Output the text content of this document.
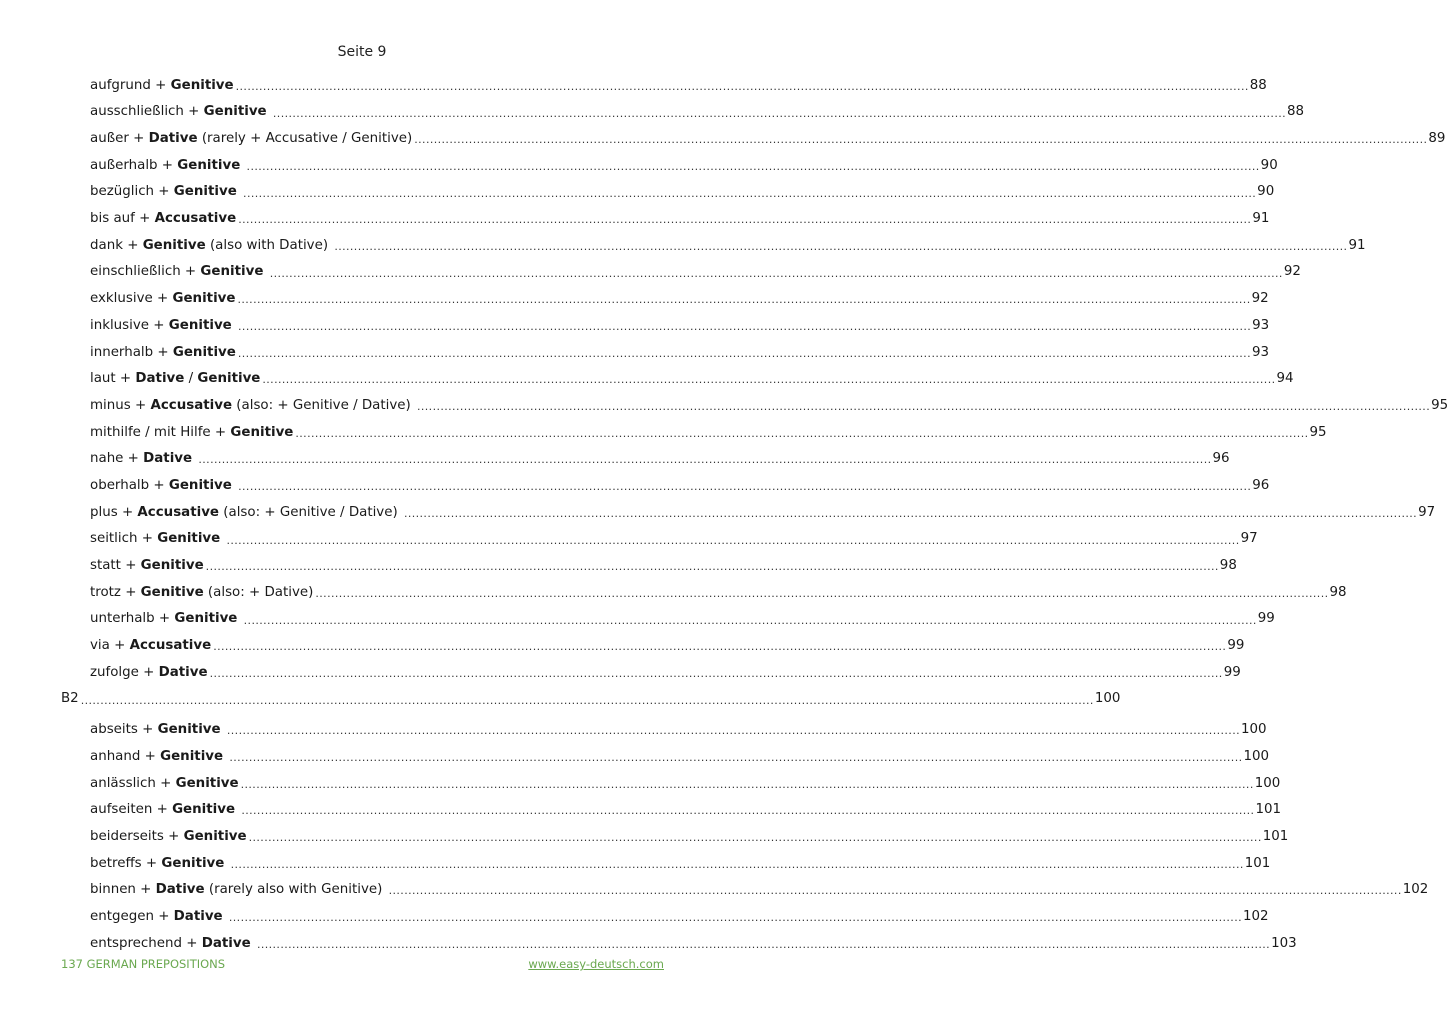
Seite 9
aufgrund + Genitive .................................................................................................................................................................................................................................................................... 88
ausschließlich + Genitive .................................................................................................................................................................................................................................................................... 88
außer + Dative (rarely + Accusative / Genitive) .................................................................................................................................................................................................................................................................... 89
außerhalb + Genitive .................................................................................................................................................................................................................................................................... 90
bezüglich + Genitive .................................................................................................................................................................................................................................................................... 90
bis auf + Accusative .................................................................................................................................................................................................................................................................... 91
dank + Genitive (also with Dative) .................................................................................................................................................................................................................................................................... 91
einschließlich + Genitive .................................................................................................................................................................................................................................................................... 92
exklusive + Genitive .................................................................................................................................................................................................................................................................... 92
inklusive + Genitive .................................................................................................................................................................................................................................................................... 93
innerhalb + Genitive .................................................................................................................................................................................................................................................................... 93
laut + Dative / Genitive .................................................................................................................................................................................................................................................................... 94
minus + Accusative (also: + Genitive / Dative) .................................................................................................................................................................................................................................................................... 95
mithilfe / mit Hilfe + Genitive .................................................................................................................................................................................................................................................................... 95
nahe + Dative .................................................................................................................................................................................................................................................................... 96
oberhalb + Genitive .................................................................................................................................................................................................................................................................... 96
plus + Accusative (also: + Genitive / Dative) .................................................................................................................................................................................................................................................................... 97
seitlich + Genitive .................................................................................................................................................................................................................................................................... 97
statt + Genitive .................................................................................................................................................................................................................................................................... 98
trotz + Genitive (also: + Dative) .................................................................................................................................................................................................................................................................... 98
unterhalb + Genitive .................................................................................................................................................................................................................................................................... 99
via + Accusative .................................................................................................................................................................................................................................................................... 99
zufolge + Dative .................................................................................................................................................................................................................................................................... 99
B2 .................................................................................................................................................................................................................................................................... 100
abseits + Genitive .................................................................................................................................................................................................................................................................... 100
anhand + Genitive .................................................................................................................................................................................................................................................................... 100
anlässlich + Genitive .................................................................................................................................................................................................................................................................... 100
aufseiten + Genitive .................................................................................................................................................................................................................................................................... 101
beiderseits + Genitive .................................................................................................................................................................................................................................................................... 101
betreffs + Genitive .................................................................................................................................................................................................................................................................... 101
binnen + Dative (rarely also with Genitive) .................................................................................................................................................................................................................................................................... 102
entgegen + Dative .................................................................................................................................................................................................................................................................... 102
entsprechend + Dative .................................................................................................................................................................................................................................................................... 103
137 GERMAN PREPOSITIONS	www.easy-deutsch.com
